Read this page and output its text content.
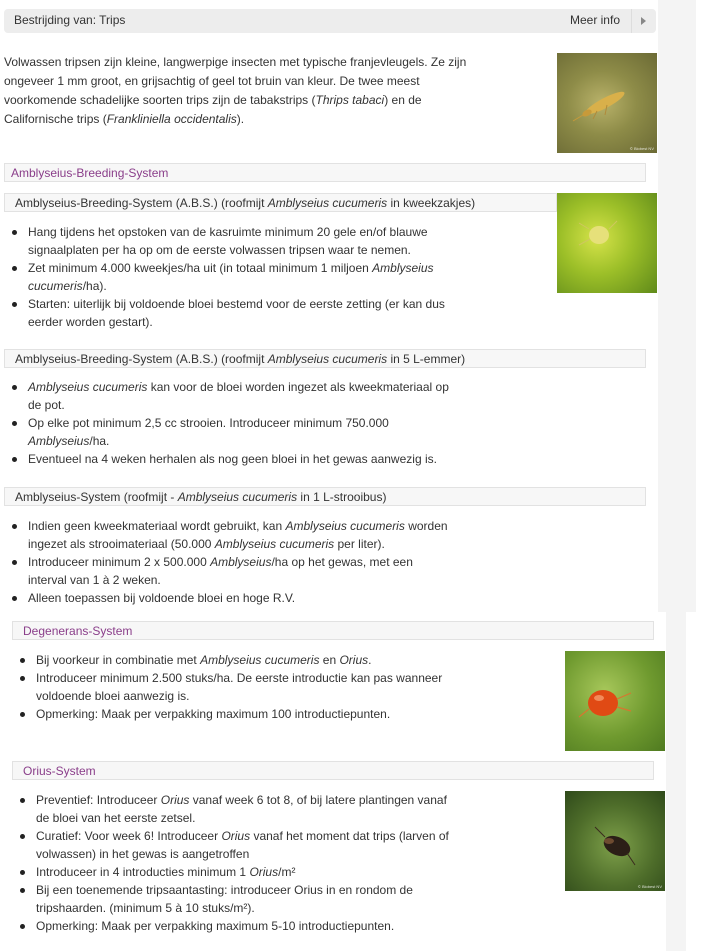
Bestrijding van: Trips	Meer info
Volwassen tripsen zijn kleine, langwerpige insecten met typische franjevleugels. Ze zijn ongeveer 1 mm groot, en grijsachtig of geel tot bruin van kleur. De twee meest voorkomende schadelijke soorten trips zijn de tabakstrips (Thrips tabaci) en de Californische trips (Frankliniella occidentalis).
© Biobest NV
Amblyseius-Breeding-System
Amblyseius-Breeding-System (A.B.S.) (roofmijt Amblyseius cucumeris in kweekzakjes)
Hang tijdens het opstoken van de kasruimte minimum 20 gele en/of blauwe signaalplaten per ha op om de eerste volwassen tripsen waar te nemen.
Zet minimum 4.000 kweekjes/ha uit (in totaal minimum 1 miljoen Amblyseius cucumeris/ha).
Starten: uiterlijk bij voldoende bloei bestemd voor de eerste zetting (er kan dus eerder worden gestart).
Amblyseius-Breeding-System (A.B.S.) (roofmijt Amblyseius cucumeris in 5 L-emmer)
Amblyseius cucumeris kan voor de bloei worden ingezet als kweekmateriaal op de pot.
Op elke pot minimum 2,5 cc strooien. Introduceer minimum 750.000 Amblyseius/ha.
Eventueel na 4 weken herhalen als nog geen bloei in het gewas aanwezig is.
Amblyseius-System (roofmijt - Amblyseius cucumeris in 1 L-strooibus)
Indien geen kweekmateriaal wordt gebruikt, kan Amblyseius cucumeris worden ingezet als strooimateriaal (50.000 Amblyseius cucumeris per liter).
Introduceer minimum 2 x 500.000 Amblyseius/ha op het gewas, met een interval van 1 à 2 weken.
Alleen toepassen bij voldoende bloei en hoge R.V.
Degenerans-System
Bij voorkeur in combinatie met Amblyseius cucumeris en Orius.
Introduceer minimum 2.500 stuks/ha. De eerste introductie kan pas wanneer voldoende bloei aanwezig is.
Opmerking: Maak per verpakking maximum 100 introductiepunten.
Orius-System
Preventief: Introduceer Orius vanaf week 6 tot 8, of bij latere plantingen vanaf de bloei van het eerste zetsel.
Curatief: Voor week 6! Introduceer Orius vanaf het moment dat trips (larven of volwassen) in het gewas is aangetroffen
Introduceer in 4 introducties minimum 1 Orius/m²
Bij een toenemende tripsaantasting: introduceer Orius in en rondom de tripshaarden. (minimum 5 à 10 stuks/m²).
Opmerking: Maak per verpakking maximum 5-10 introductiepunten.
© Biobest NV
